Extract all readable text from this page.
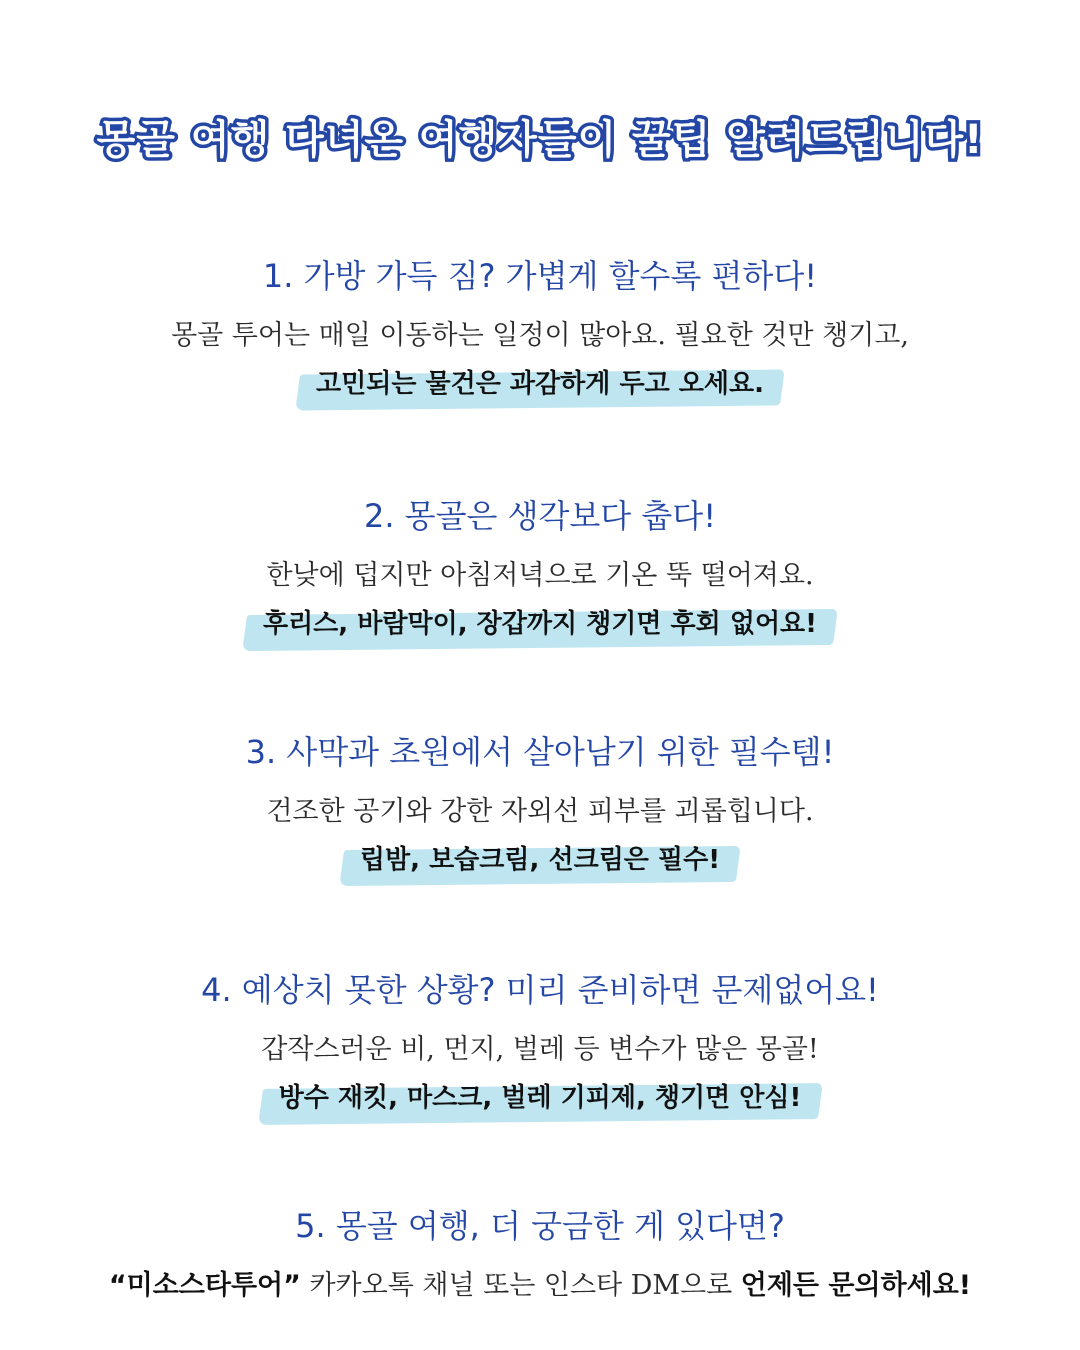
몽골 여행 다녀온 여행자들이 꿀팁 알려드립니다!
1. 가방 가득 짐? 가볍게 할수록 편하다!
몽골 투어는 매일 이동하는 일정이 많아요. 필요한 것만 챙기고,
고민되는 물건은 과감하게 두고 오세요.
2. 몽골은 생각보다 춥다!
한낮에 덥지만 아침저녁으로 기온 뚝 떨어져요.
후리스, 바람막이, 장갑까지 챙기면 후회 없어요!
3. 사막과 초원에서 살아남기 위한 필수템!
건조한 공기와 강한 자외선 피부를 괴롭힙니다.
립밤, 보습크림, 선크림은 필수!
4. 예상치 못한 상황? 미리 준비하면 문제없어요!
갑작스러운 비, 먼지, 벌레 등 변수가 많은 몽골!
방수 재킷, 마스크, 벌레 기피제, 챙기면 안심!
5. 몽골 여행, 더 궁금한 게 있다면?
“미소스타투어” 카카오톡 채널 또는 인스타 DM으로 언제든 문의하세요!
